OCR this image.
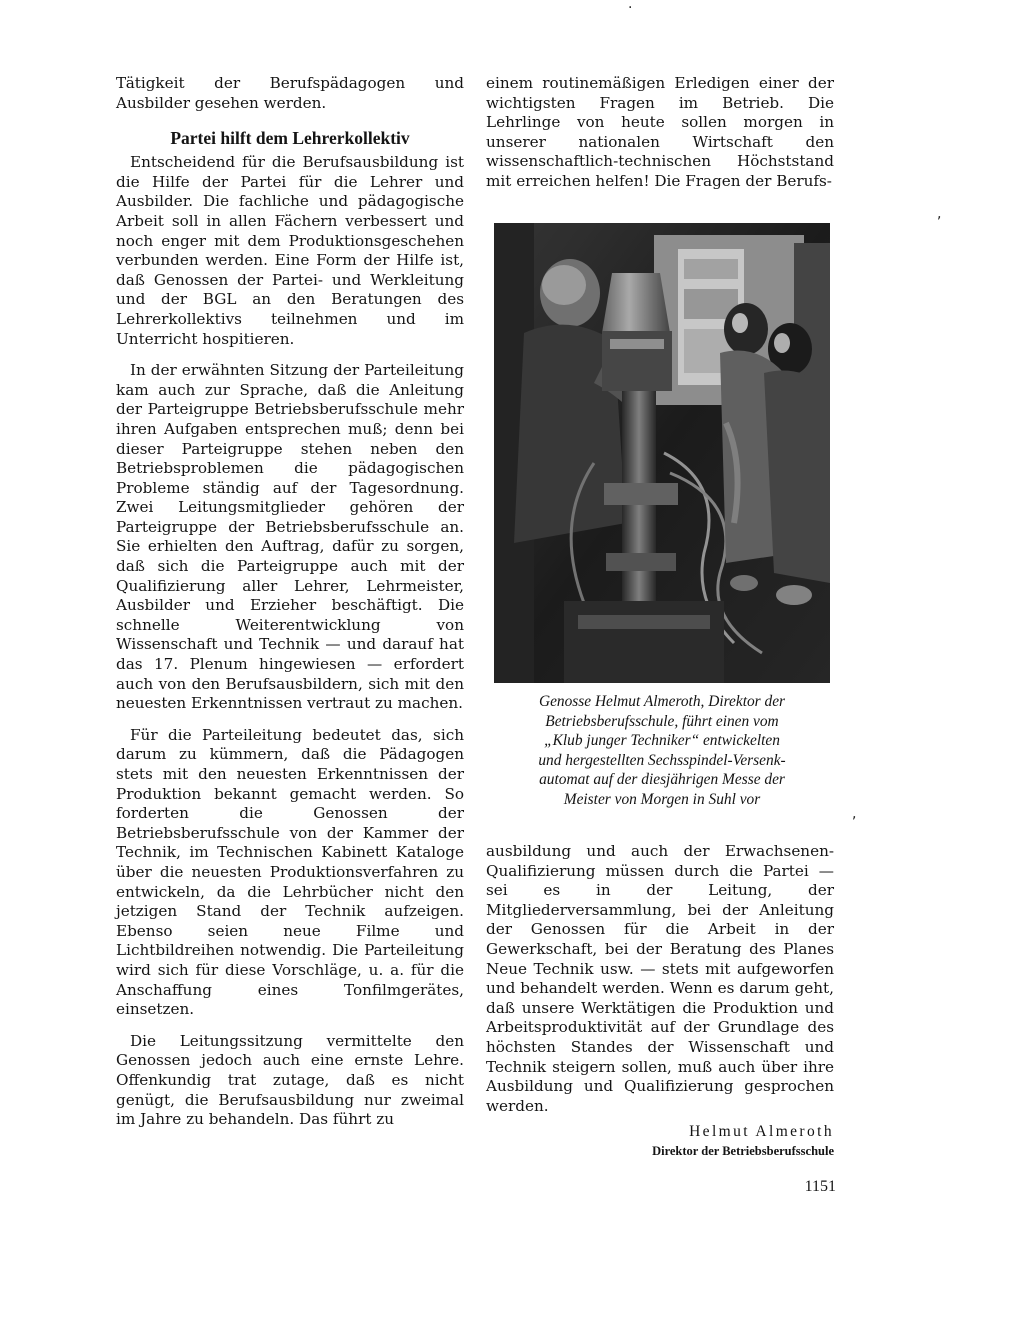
Tätigkeit der Berufspädagogen und Ausbilder gesehen werden.

Partei hilft dem Lehrerkollektiv

Entscheidend für die Berufsausbildung ist die Hilfe der Partei für die Lehrer und Ausbilder. Die fachliche und pädagogische Arbeit soll in allen Fächern verbessert und noch enger mit dem Produktionsgeschehen verbunden werden. Eine Form der Hilfe ist, daß Genossen der Partei- und Werkleitung und der BGL an den Beratungen des Lehrerkollektivs teilnehmen und im Unterricht hospitieren.

In der erwähnten Sitzung der Parteileitung kam auch zur Sprache, daß die Anleitung der Parteigruppe Betriebsberufsschule mehr ihren Aufgaben entsprechen muß; denn bei dieser Parteigruppe stehen neben den Betriebsproblemen die pädagogischen Probleme ständig auf der Tagesordnung. Zwei Leitungsmitglieder gehören der Parteigruppe der Betriebsberufsschule an. Sie erhielten den Auftrag, dafür zu sorgen, daß sich die Parteigruppe auch mit der Qualifizierung aller Lehrer, Lehrmeister, Ausbilder und Erzieher beschäftigt. Die schnelle Weiterentwicklung von Wissenschaft und Technik — und darauf hat das 17. Plenum hingewiesen — erfordert auch von den Berufsausbildern, sich mit den neuesten Erkenntnissen vertraut zu machen.

Für die Parteileitung bedeutet das, sich darum zu kümmern, daß die Pädagogen stets mit den neuesten Erkenntnissen der Produktion bekannt gemacht werden. So forderten die Genossen der Betriebsberufsschule von der Kammer der Technik, im Technischen Kabinett Kataloge über die neuesten Produktionsverfahren zu entwickeln, da die Lehrbücher nicht den jetzigen Stand der Technik aufzeigen. Ebenso seien neue Filme und Lichtbildreihen notwendig. Die Parteileitung wird sich für diese Vorschläge, u. a. für die Anschaffung eines Tonfilmgerätes, einsetzen.

Die Leitungssitzung vermittelte den Genossen jedoch auch eine ernste Lehre. Offenkundig trat zutage, daß es nicht genügt, die Berufsausbildung nur zweimal im Jahre zu behandeln. Das führt zu

einem routinemäßigen Erledigen einer der wichtigsten Fragen im Betrieb. Die Lehrlinge von heute sollen morgen in unserer nationalen Wirtschaft den wissenschaftlich-technischen Höchststand mit erreichen helfen! Die Fragen der Berufs-

Genosse Helmut Almeroth, Direktor der
Betriebsberufsschule, führt einen vom
„Klub junger Techniker“ entwickelten
und hergestellten Sechsspindel-Versenk-
automat auf der diesjährigen Messe der
Meister von Morgen in Suhl vor

ausbildung und auch der Erwachsenen-Qualifizierung müssen durch die Partei — sei es in der Leitung, der Mitgliederversammlung, bei der Anleitung der Genossen für die Arbeit in der Gewerkschaft, bei der Beratung des Planes Neue Technik usw. — stets mit aufgeworfen und behandelt werden. Wenn es darum geht, daß unsere Werktätigen die Produktion und Arbeitsproduktivität auf der Grundlage des höchsten Standes der Wissenschaft und Technik steigern sollen, muß auch über ihre Ausbildung und Qualifizierung gesprochen werden.

Helmut Almeroth
Direktor der Betriebsberufsschule
1151
,
,
·
